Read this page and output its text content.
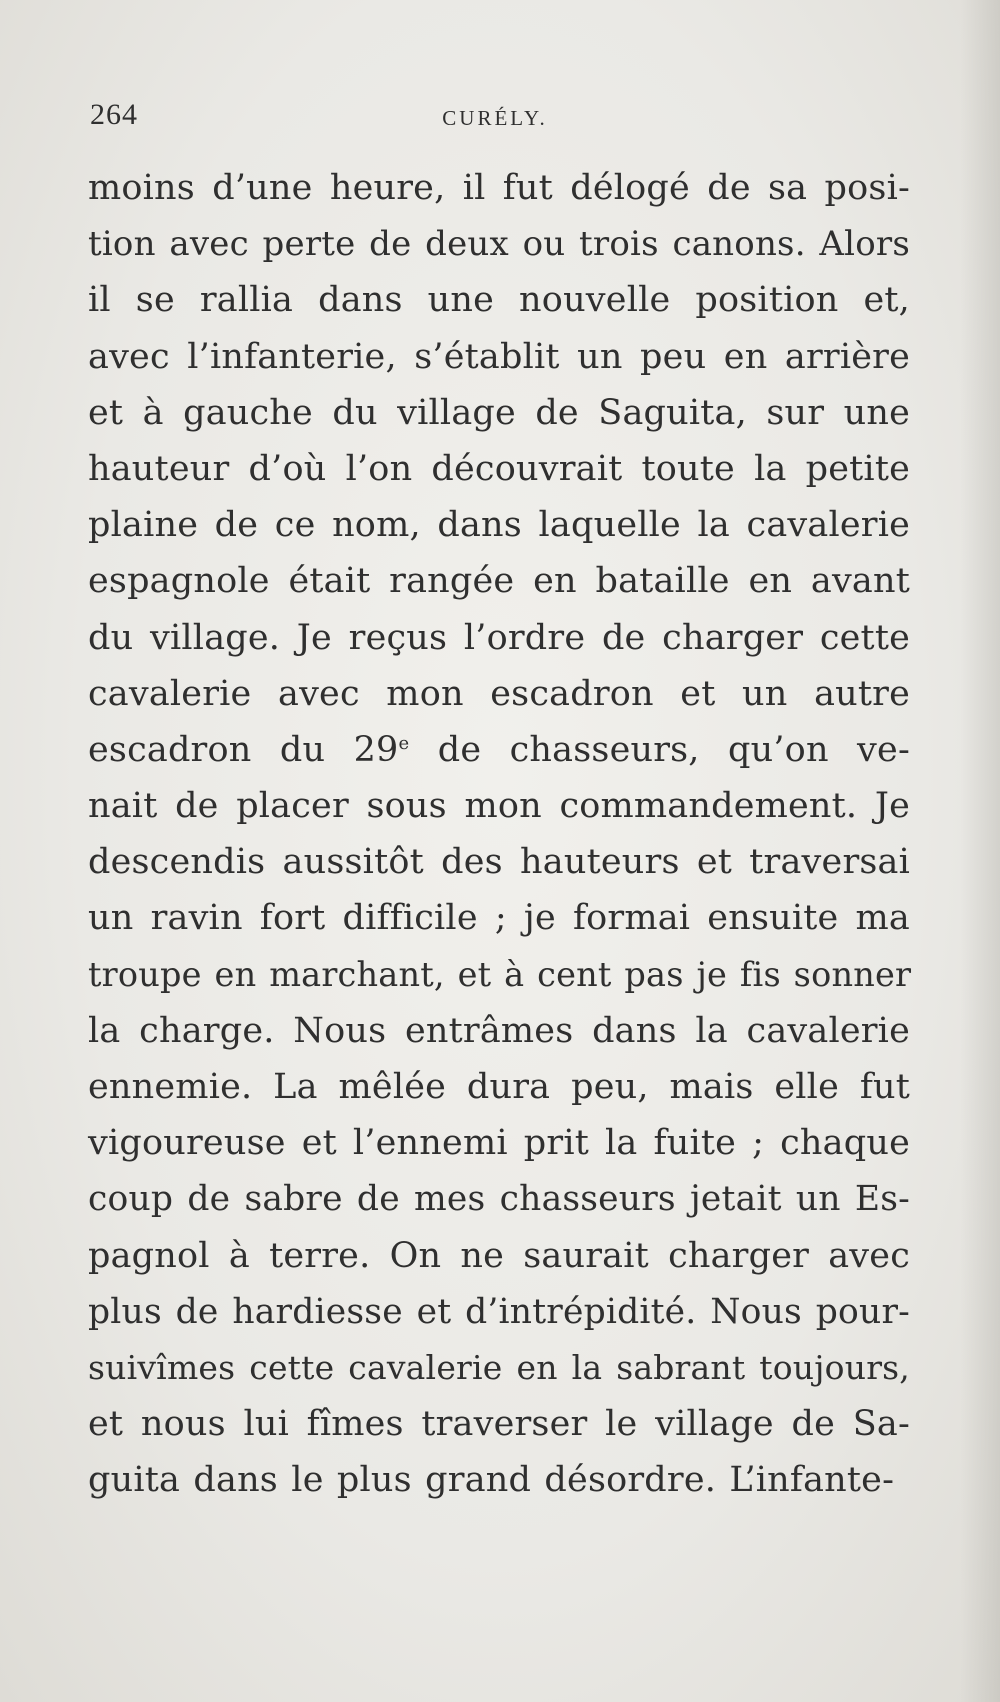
264	CURÉLY.
moins d’une heure, il fut délogé de sa posi-
tion avec perte de deux ou trois canons. Alors
il se rallia dans une nouvelle position et,
avec l’infanterie, s’établit un peu en arrière
et à gauche du village de Saguita, sur une
hauteur d’où l’on découvrait toute la petite
plaine de ce nom, dans laquelle la cavalerie
espagnole était rangée en bataille en avant
du village. Je reçus l’ordre de charger cette
cavalerie avec mon escadron et un autre
escadron du 29e de chasseurs, qu’on ve-
nait de placer sous mon commandement. Je
descendis aussitôt des hauteurs et traversai
un ravin fort difficile ; je formai ensuite ma
troupe en marchant, et à cent pas je fis sonner
la charge. Nous entrâmes dans la cavalerie
ennemie. La mêlée dura peu, mais elle fut
vigoureuse et l’ennemi prit la fuite ; chaque
coup de sabre de mes chasseurs jetait un Es-
pagnol à terre. On ne saurait charger avec
plus de hardiesse et d’intrépidité. Nous pour-
suivîmes cette cavalerie en la sabrant toujours,
et nous lui fîmes traverser le village de Sa-
guita dans le plus grand désordre. L’infante-
